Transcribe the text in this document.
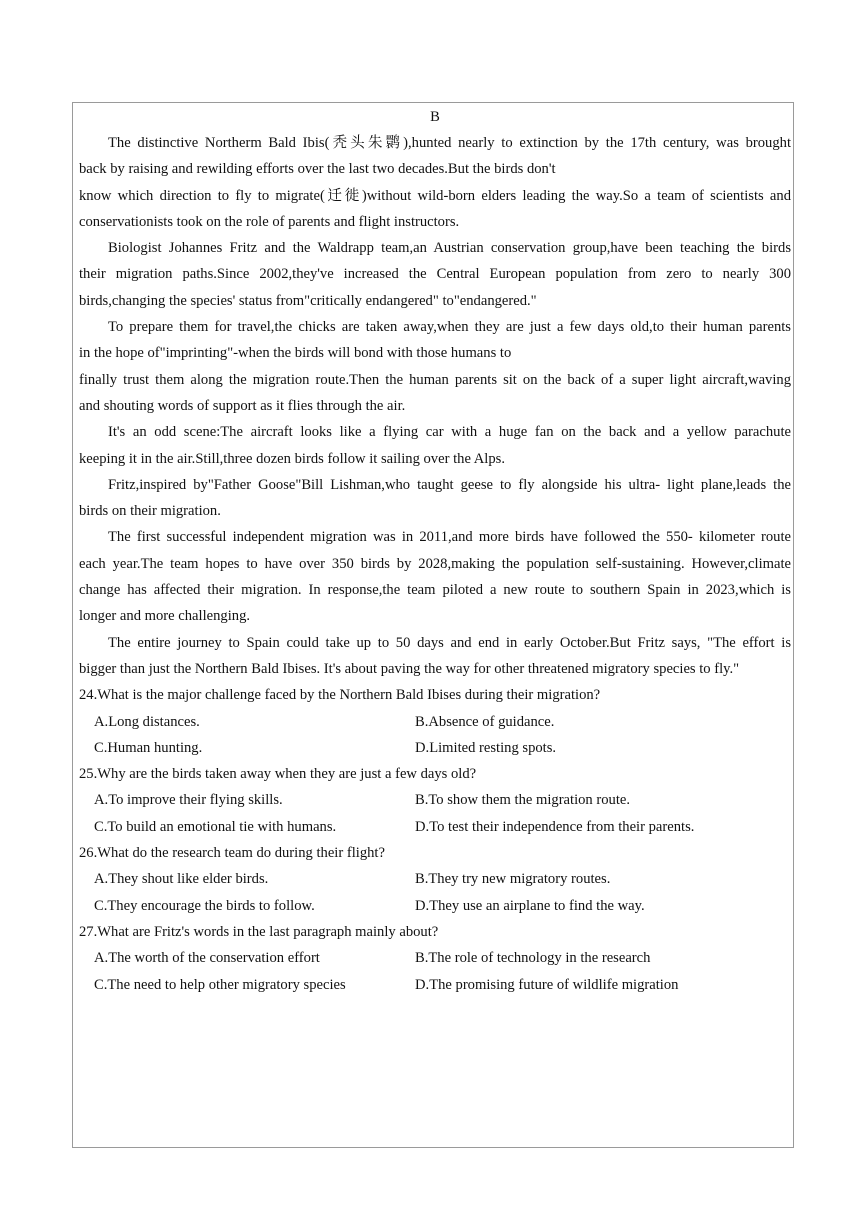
B

The distinctive Northerm Bald Ibis(秃头朱鹮),hunted nearly to extinction by the 17th century, was brought
back by raising and rewilding efforts over the last two decades.But the birds don't
know which direction to fly to migrate(迁徙)without wild-born elders leading the way.So a team of scientists and
conservationists took on the role of parents and flight instructors.
Biologist Johannes Fritz and the Waldrapp team,an Austrian conservation group,have been teaching the birds
their migration paths.Since 2002,they've increased the Central European population from zero to nearly 300
birds,changing the species' status from"critically endangered" to"endangered."
To prepare them for travel,the chicks are taken away,when they are just a few days old,to their human parents
in the hope of"imprinting"-when the birds will bond with those humans to
finally trust them along the migration route.Then the human parents sit on the back of a super light aircraft,waving
and shouting words of support as it flies through the air.
It's an odd scene:The aircraft looks like a flying car with a huge fan on the back and a yellow parachute
keeping it in the air.Still,three dozen birds follow it sailing over the Alps.
Fritz,inspired by"Father Goose"Bill Lishman,who taught geese to fly alongside his ultra- light plane,leads the
birds on their migration.
The first successful independent migration was in 2011,and more birds have followed the 550- kilometer route
each year.The team hopes to have over 350 birds by 2028,making the population self-sustaining. However,climate
change has affected their migration. In response,the team piloted a new route to southern Spain in 2023,which is
longer and more challenging.
The entire journey to Spain could take up to 50 days and end in early October.But Fritz says, "The effort is
bigger than just the Northern Bald Ibises. It's about paving the way for other threatened migratory species to fly."
24.What is the major challenge faced by the Northern Bald Ibises during their migration?
A.Long distances.	B.Absence of guidance.
C.Human hunting.	D.Limited resting spots.
25.Why are the birds taken away when they are just a few days old?
A.To improve their flying skills.	B.To show them the migration route.
C.To build an emotional tie with humans.	D.To test their independence from their parents.
26.What do the research team do during their flight?
A.They shout like elder birds.	B.They try new migratory routes.
C.They encourage the birds to follow.	D.They use an airplane to find the way.
27.What are Fritz's words in the last paragraph mainly about?
A.The worth of the conservation effort	B.The role of technology in the research
C.The need to help other migratory species	D.The promising future of wildlife migration
